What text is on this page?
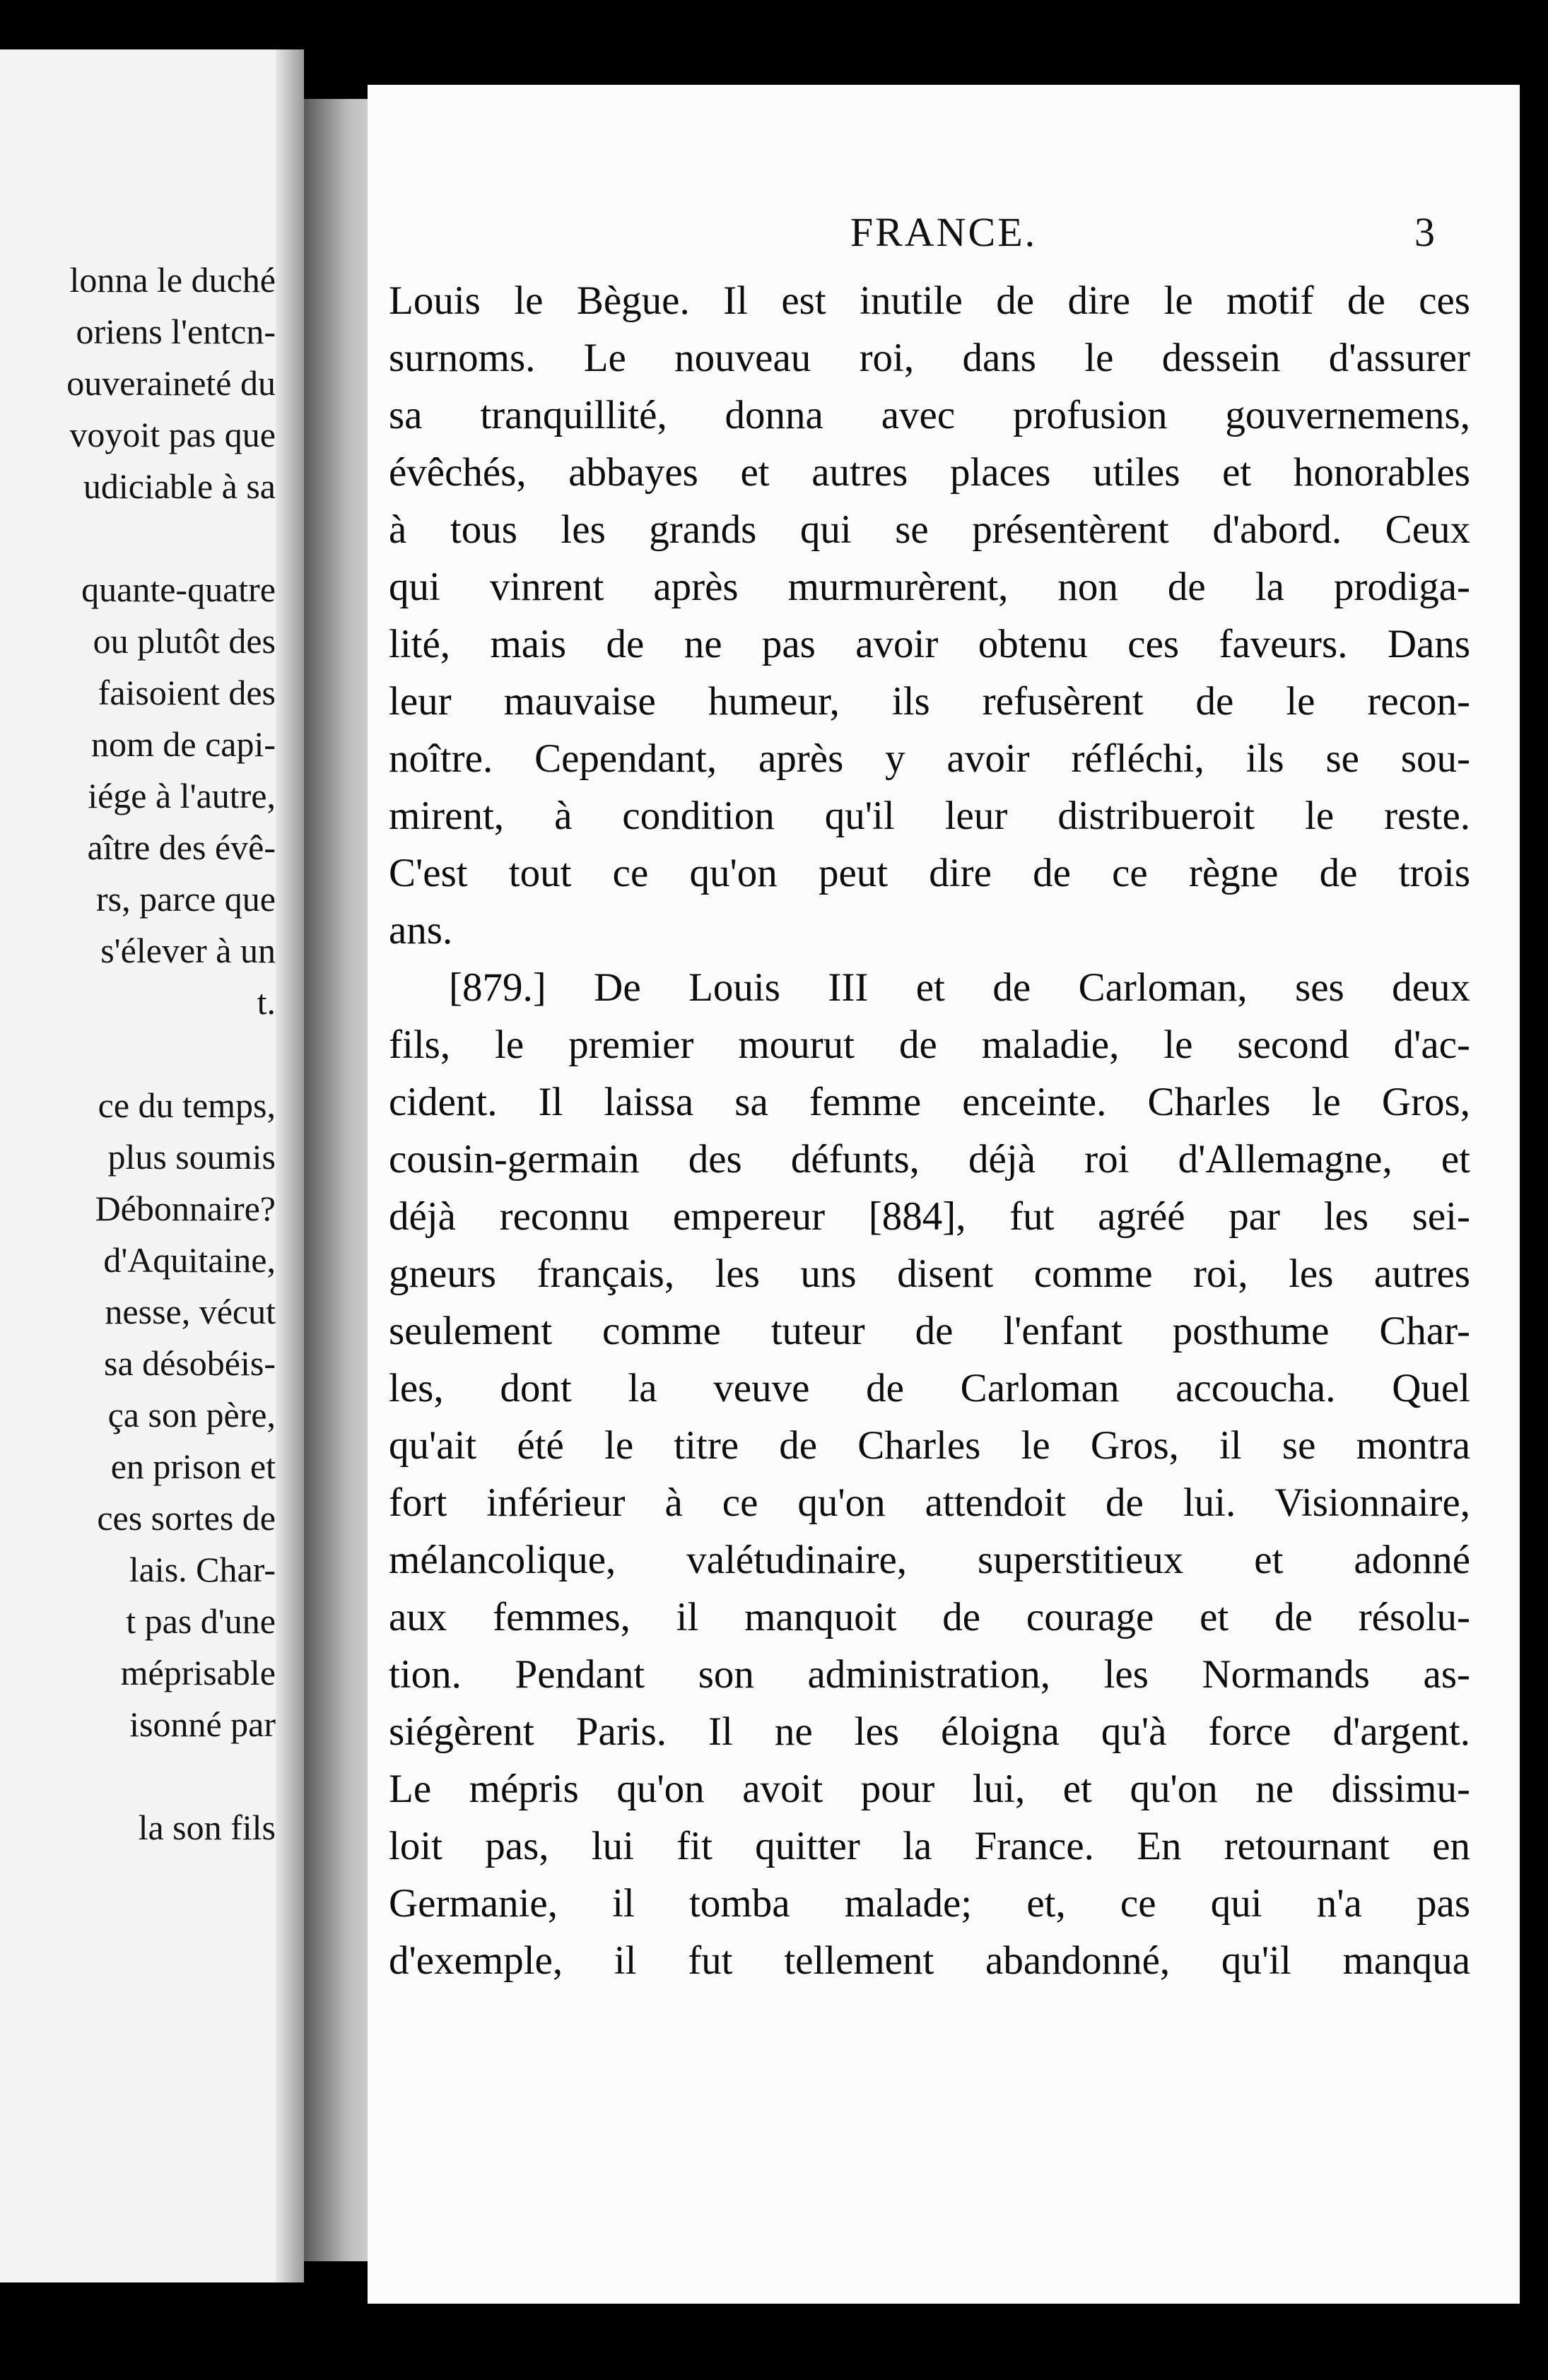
lonna le duché
oriens l'entcn-
ouveraineté du
voyoit pas que
udiciable à sa
quante-quatre
ou plutôt des
faisoient des
nom de capi-
iége à l'autre,
aître des évê-
rs, parce que
s'élever à un
t.
ce du temps,
plus soumis
Débonnaire?
d'Aquitaine,
nesse, vécut
sa désobéis-
ça son père,
en prison et
ces sortes de
lais. Char-
t pas d'une
méprisable
isonné par
la son fils
FRANCE.	3
Louis le Bègue. Il est inutile de dire le motif de ces
surnoms. Le nouveau roi, dans le dessein d'assurer
sa tranquillité, donna avec profusion gouvernemens,
évêchés, abbayes et autres places utiles et honorables
à tous les grands qui se présentèrent d'abord. Ceux
qui vinrent après murmurèrent, non de la prodiga-
lité, mais de ne pas avoir obtenu ces faveurs. Dans
leur mauvaise humeur, ils refusèrent de le recon-
noître. Cependant, après y avoir réfléchi, ils se sou-
mirent, à condition qu'il leur distribueroit le reste.
C'est tout ce qu'on peut dire de ce règne de trois
ans.
[879.] De Louis III et de Carloman, ses deux
fils, le premier mourut de maladie, le second d'ac-
cident. Il laissa sa femme enceinte. Charles le Gros,
cousin-germain des défunts, déjà roi d'Allemagne, et
déjà reconnu empereur [884], fut agréé par les sei-
gneurs français, les uns disent comme roi, les autres
seulement comme tuteur de l'enfant posthume Char-
les, dont la veuve de Carloman accoucha. Quel
qu'ait été le titre de Charles le Gros, il se montra
fort inférieur à ce qu'on attendoit de lui. Visionnaire,
mélancolique, valétudinaire, superstitieux et adonné
aux femmes, il manquoit de courage et de résolu-
tion. Pendant son administration, les Normands as-
siégèrent Paris. Il ne les éloigna qu'à force d'argent.
Le mépris qu'on avoit pour lui, et qu'on ne dissimu-
loit pas, lui fit quitter la France. En retournant en
Germanie, il tomba malade; et, ce qui n'a pas
d'exemple, il fut tellement abandonné, qu'il manqua
